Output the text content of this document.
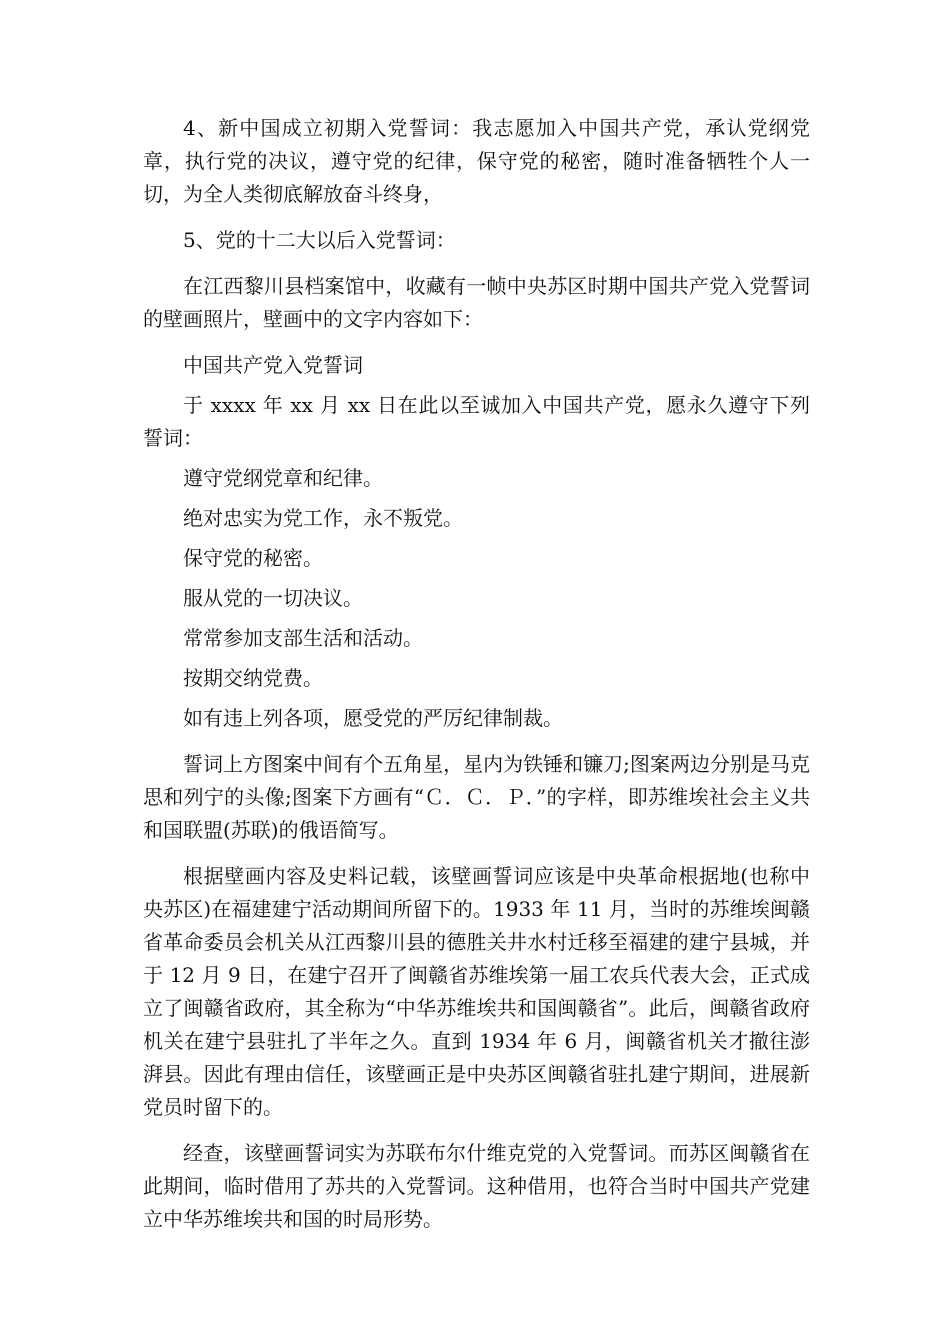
4、新中国成立初期入党誓词：我志愿加入中国共产党，承认党纲党章，执行党的决议，遵守党的纪律，保守党的秘密，随时准备牺牲个人一切，为全人类彻底解放奋斗终身，

5、党的十二大以后入党誓词：

在江西黎川县档案馆中，收藏有一帧中央苏区时期中国共产党入党誓词的壁画照片，壁画中的文字内容如下：

中国共产党入党誓词

于 xxxx 年 xx 月 xx 日在此以至诚加入中国共产党，愿永久遵守下列誓词：

遵守党纲党章和纪律。

绝对忠实为党工作，永不叛党。

保守党的秘密。

服从党的一切决议。

常常参加支部生活和活动。

按期交纳党费。

如有违上列各项，愿受党的严厉纪律制裁。

誓词上方图案中间有个五角星，星内为铁锤和镰刀;图案两边分别是马克思和列宁的头像;图案下方画有“Ｃ．Ｃ．Ｐ．”的字样，即苏维埃社会主义共和国联盟(苏联)的俄语简写。

根据壁画内容及史料记载，该壁画誓词应该是中央革命根据地(也称中央苏区)在福建建宁活动期间所留下的。1933 年 11 月，当时的苏维埃闽赣省革命委员会机关从江西黎川县的德胜关井水村迁移至福建的建宁县城，并于 12 月 9 日，在建宁召开了闽赣省苏维埃第一届工农兵代表大会，正式成立了闽赣省政府，其全称为“中华苏维埃共和国闽赣省”。此后，闽赣省政府机关在建宁县驻扎了半年之久。直到 1934 年 6 月，闽赣省机关才撤往澎湃县。因此有理由信任，该壁画正是中央苏区闽赣省驻扎建宁期间，进展新党员时留下的。

经查，该壁画誓词实为苏联布尔什维克党的入党誓词。而苏区闽赣省在此期间，临时借用了苏共的入党誓词。这种借用，也符合当时中国共产党建立中华苏维埃共和国的时局形势。
